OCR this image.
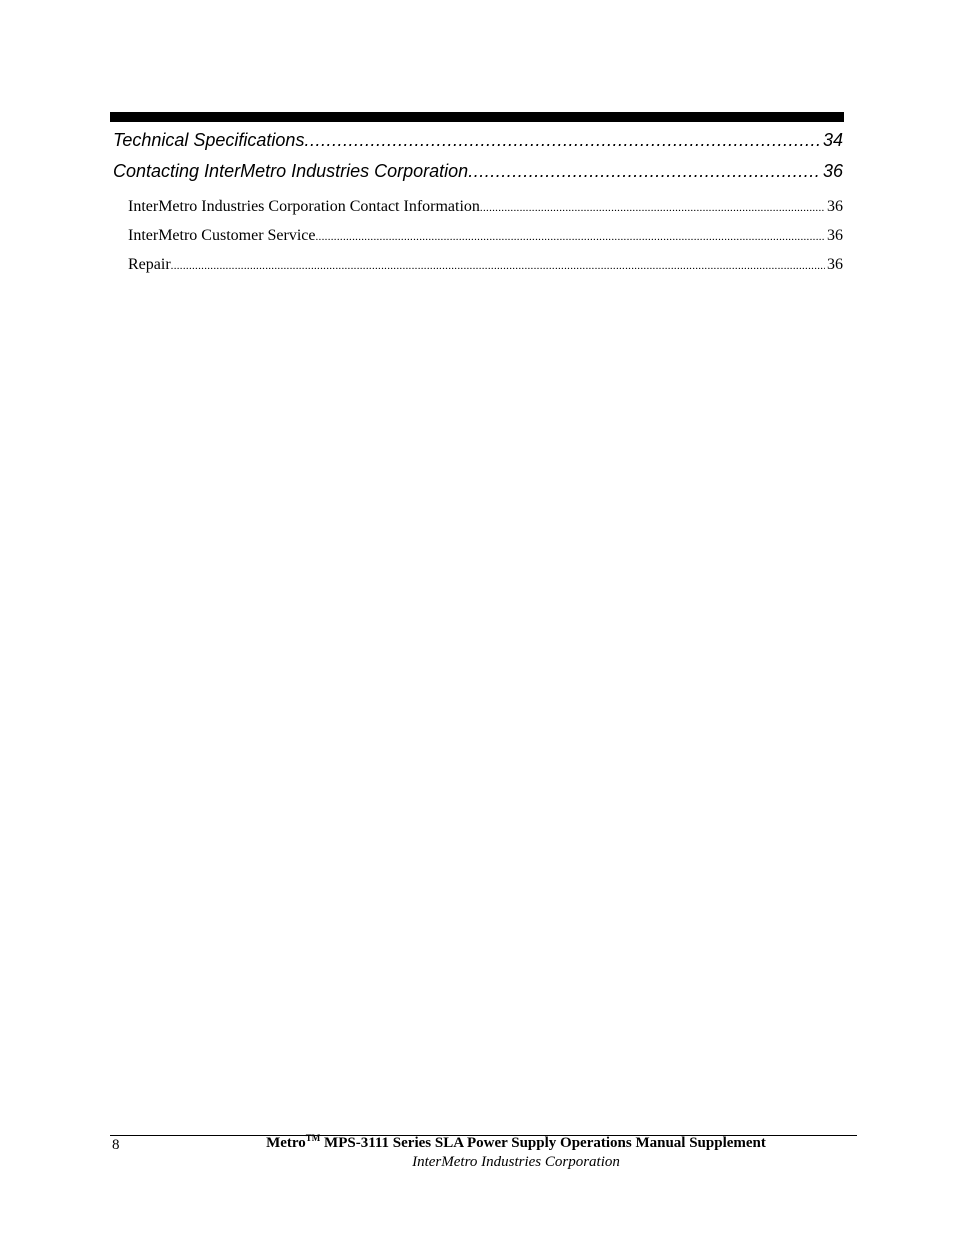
Technical Specifications .....	34
Contacting InterMetro Industries Corporation .....	36
InterMetro Industries Corporation Contact Information .....	36
InterMetro Customer Service .....	36
Repair .....	36
8	Metro™ MPS-3111 Series SLA Power Supply Operations Manual Supplement
InterMetro Industries Corporation
